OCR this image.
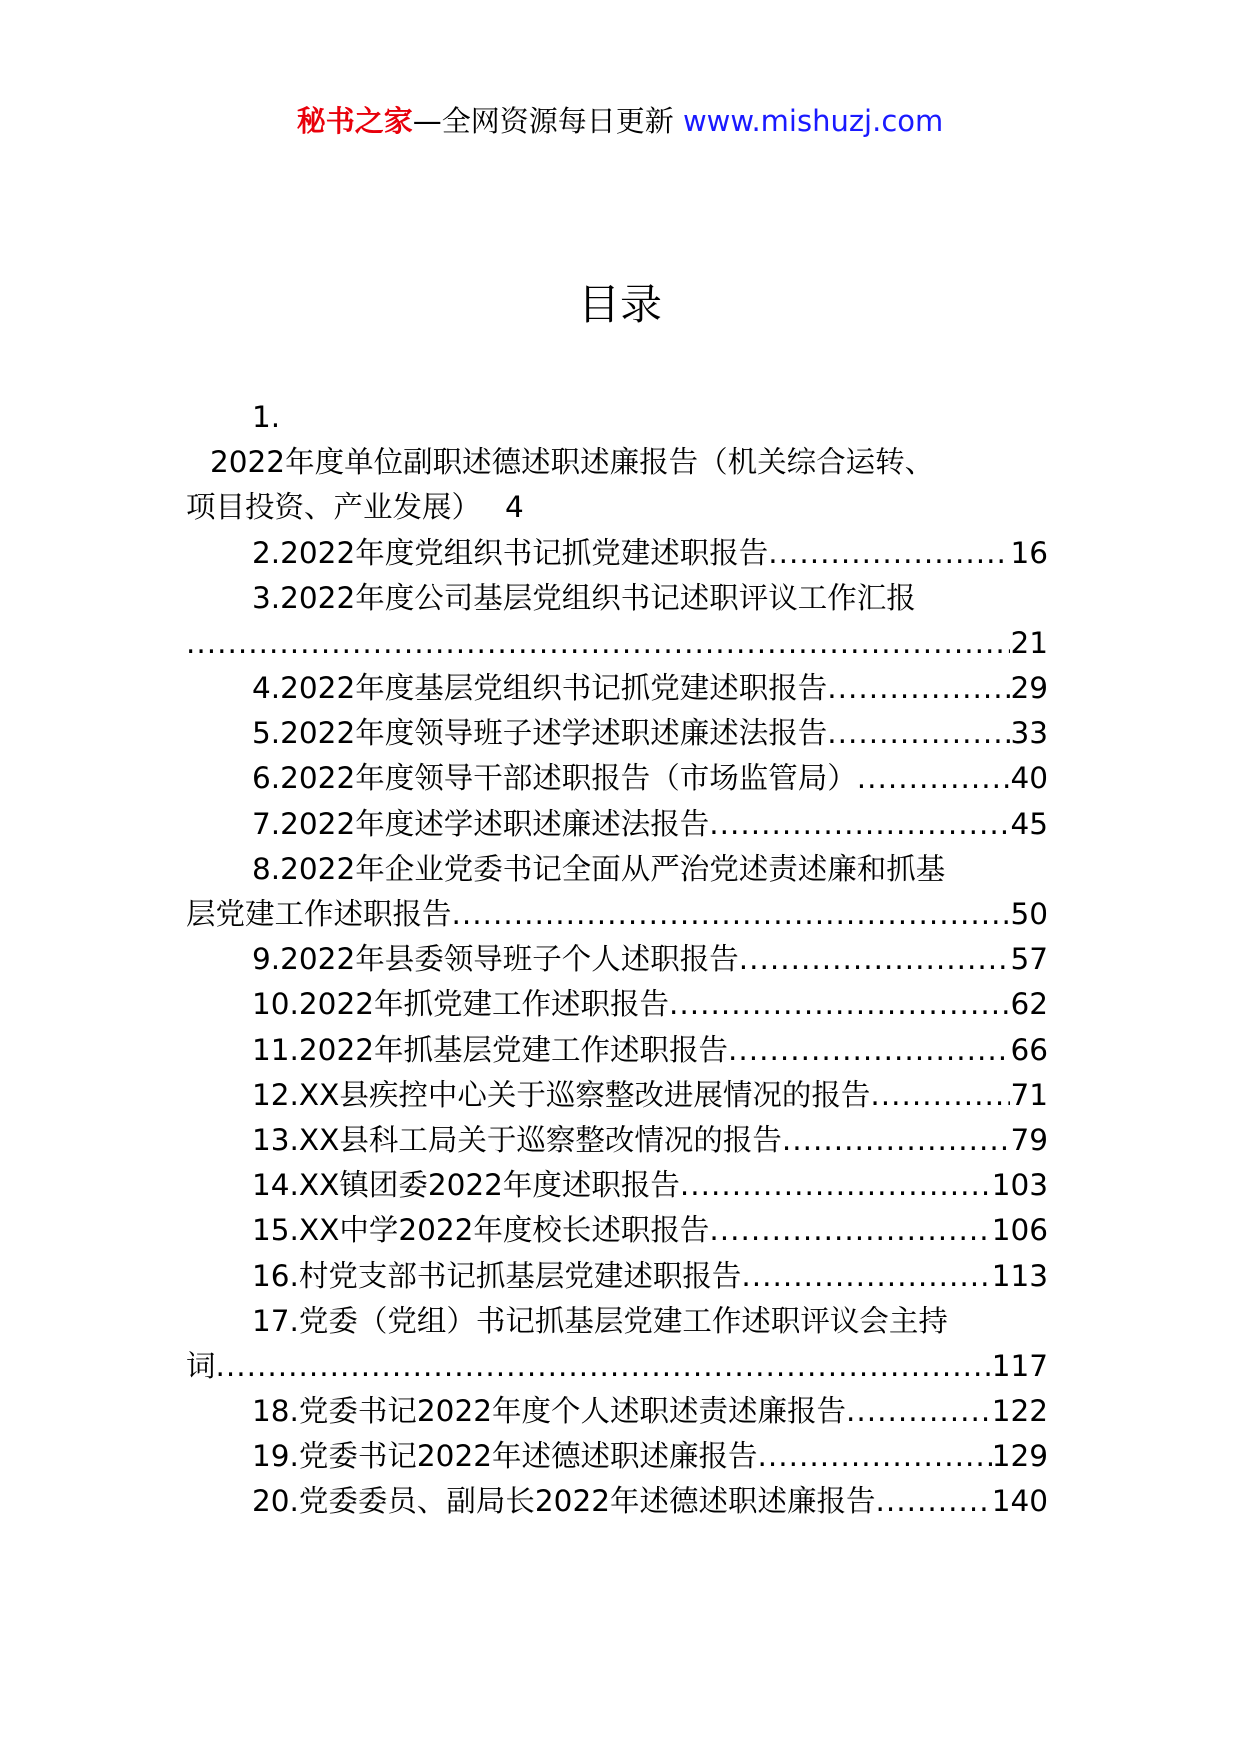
秘书之家—全网资源每日更新 www.mishuzj.com
目录
1.
2022年度单位副职述德述职述廉报告（机关综合运转、
项目投资、产业发展） 4
2.2022年度党组织书记抓党建述职报告 .....	16
3.2022年度公司基层党组织书记述职评议工作汇报
.....
21
4.2022年度基层党组织书记抓党建述职报告 .....	29
5.2022年度领导班子述学述职述廉述法报告 .....	33
6.2022年度领导干部述职报告（市场监管局） .....	40
7.2022年度述学述职述廉述法报告 .....	45
8.2022年企业党委书记全面从严治党述责述廉和抓基
层党建工作述职报告 .....	50
9.2022年县委领导班子个人述职报告 .....	57
10.2022年抓党建工作述职报告 .....	62
11.2022年抓基层党建工作述职报告 .....	66
12.XX县疾控中心关于巡察整改进展情况的报告 .....	71
13.XX县科工局关于巡察整改情况的报告 .....	79
14.XX镇团委2022年度述职报告 .....	103
15.XX中学2022年度校长述职报告 .....	106
16.村党支部书记抓基层党建述职报告 .....	113
17.党委（党组）书记抓基层党建工作述职评议会主持
词 .....	117
18.党委书记2022年度个人述职述责述廉报告 .....	122
19.党委书记2022年述德述职述廉报告 .....	129
20.党委委员、副局长2022年述德述职述廉报告 .....	140
